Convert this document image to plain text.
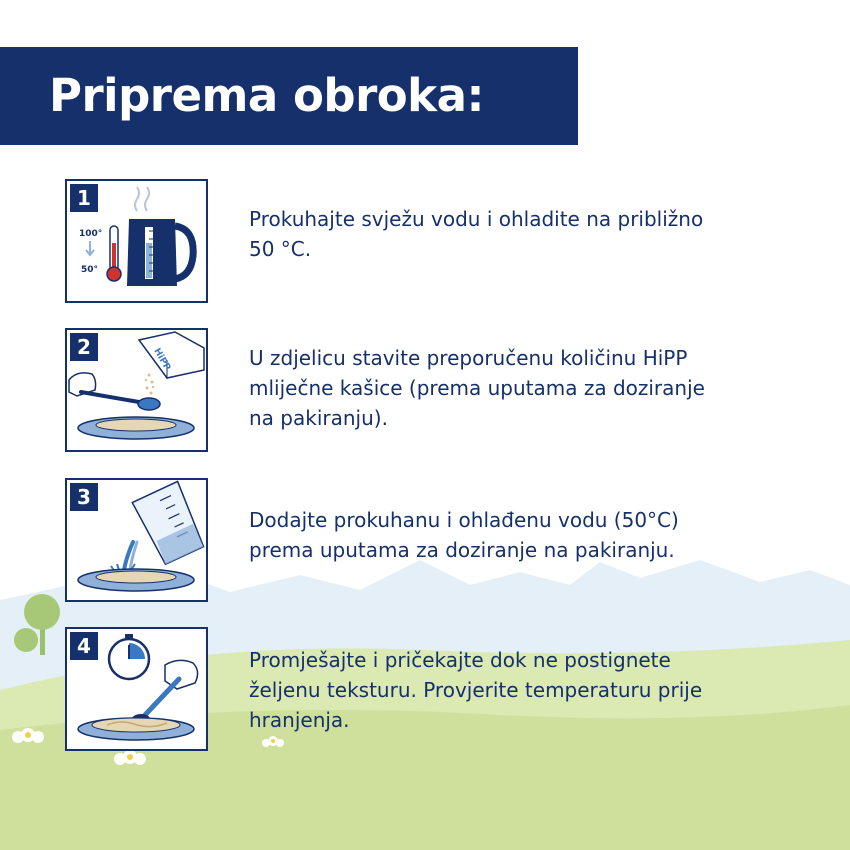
Priprema obroka:
100°
50°
1
Prokuhajte svježu vodu i ohladite na približno
50 °C.
HiPP
2	U zdjelicu stavite preporučenu količinu HiPP
mliječne kašice (prema uputama za doziranje
na pakiranju).
3
Dodajte prokuhanu i ohlađenu vodu (50°C)
prema uputama za doziranje na pakiranju.
4
Promješajte i pričekajte dok ne postignete
željenu teksturu. Provjerite temperaturu prije
hranjenja.
